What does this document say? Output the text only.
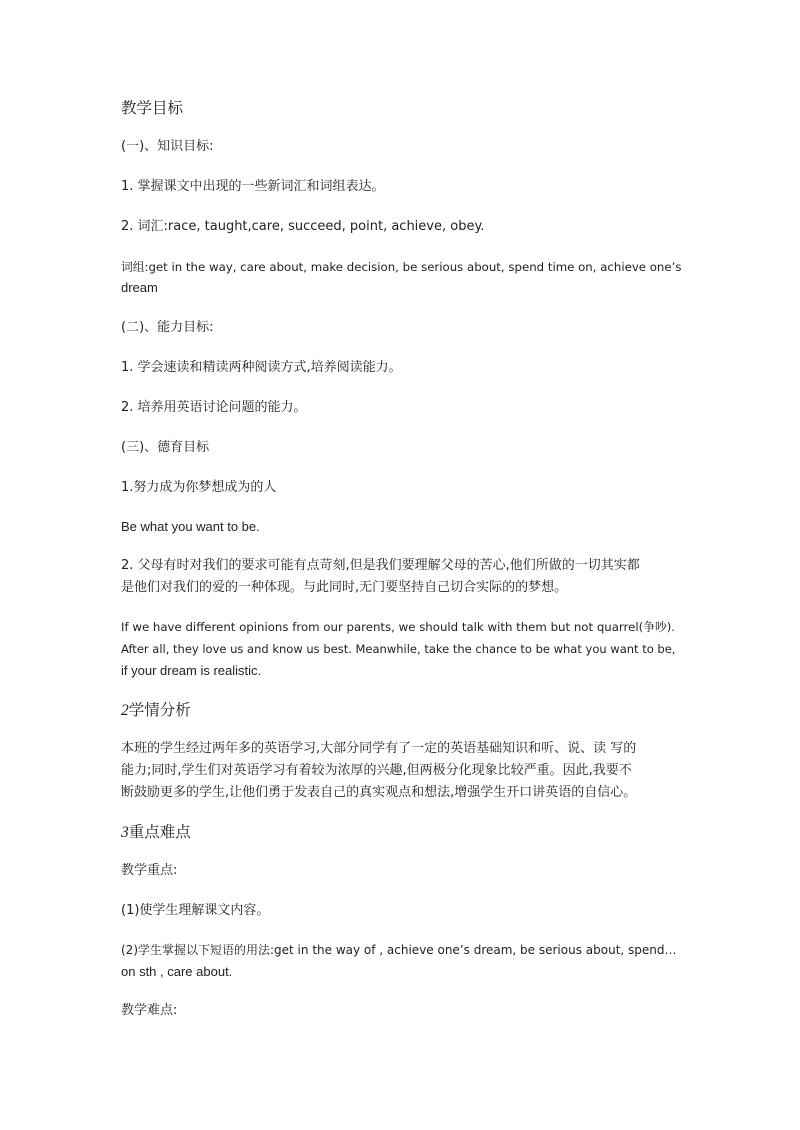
教学目标

(一)、知识目标:

1. 掌握课文中出现的一些新词汇和词组表达。

2. 词汇:race, taught,care, succeed, point, achieve, obey.

词组:get in the way, care about, make decision, be serious about, spend time on, achieve one’s

dream

(二)、能力目标:

1. 学会速读和精读两种阅读方式,培养阅读能力。

2. 培养用英语讨论问题的能力。

(三)、德育目标

1.努力成为你梦想成为的人

Be what you want to be.

2. 父母有时对我们的要求可能有点苛刻,但是我们要理解父母的苦心,他们所做的一切其实都

是他们对我们的爱的一种体现。与此同时,无门要坚持自己切合实际的的梦想。

If we have different opinions from our parents, we should talk with them but not quarrel(争吵).

After all, they love us and know us best. Meanwhile, take the chance to be what you want to be,

if your dream is realistic.

2学情分析

本班的学生经过两年多的英语学习,大部分同学有了一定的英语基础知识和听、说、读 写的

能力;同时,学生们对英语学习有着较为浓厚的兴趣,但两极分化现象比较严重。因此,我要不

断鼓励更多的学生,让他们勇于发表自己的真实观点和想法,增强学生开口讲英语的自信心。

3重点难点

教学重点:

(1)使学生理解课文内容。

(2)学生掌握以下短语的用法:get in the way of , achieve one’s dream, be serious about, spend…

on sth , care about.

教学难点:
